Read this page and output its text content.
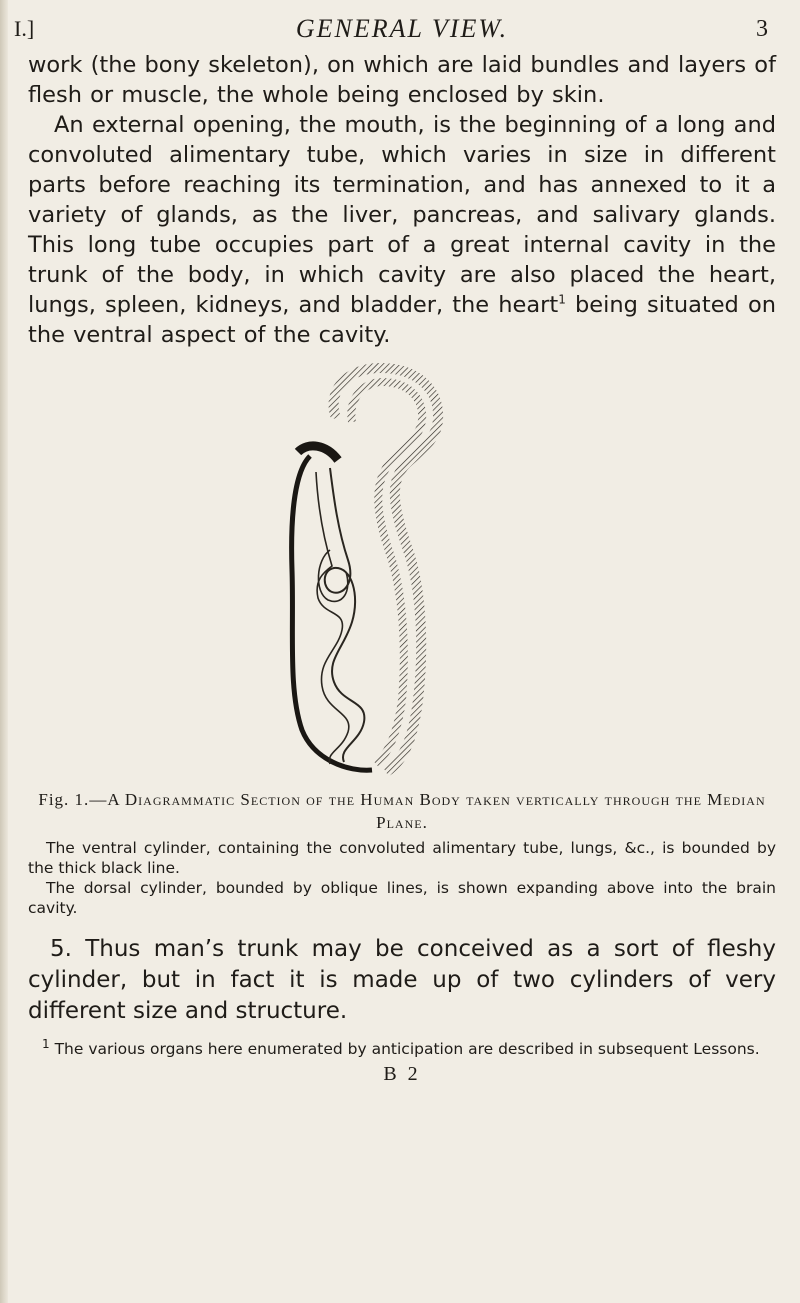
I.]	GENERAL VIEW.	3

work (the bony skeleton), on which are laid bundles and layers of flesh or muscle, the whole being enclosed by skin.

An external opening, the mouth, is the beginning of a long and convoluted alimentary tube, which varies in size in different parts before reaching its termination, and has annexed to it a variety of glands, as the liver, pancreas, and salivary glands. This long tube occupies part of a great internal cavity in the trunk of the body, in which cavity are also placed the heart, lungs, spleen, kidneys, and bladder, the heart$^1$ being situated on the ventral aspect of the cavity.

Fig. 1.—A Diagrammatic Section of the Human Body taken vertically through the Median Plane.

The ventral cylinder, containing the convoluted alimentary tube, lungs, &c., is bounded by the thick black line.

The dorsal cylinder, bounded by oblique lines, is shown expanding above into the brain cavity.

5. Thus man’s trunk may be conceived as a sort of fleshy cylinder, but in fact it is made up of two cylinders of very different size and structure.

$^1$ The various organs here enumerated by anticipation are described in subsequent Lessons.

B 2
